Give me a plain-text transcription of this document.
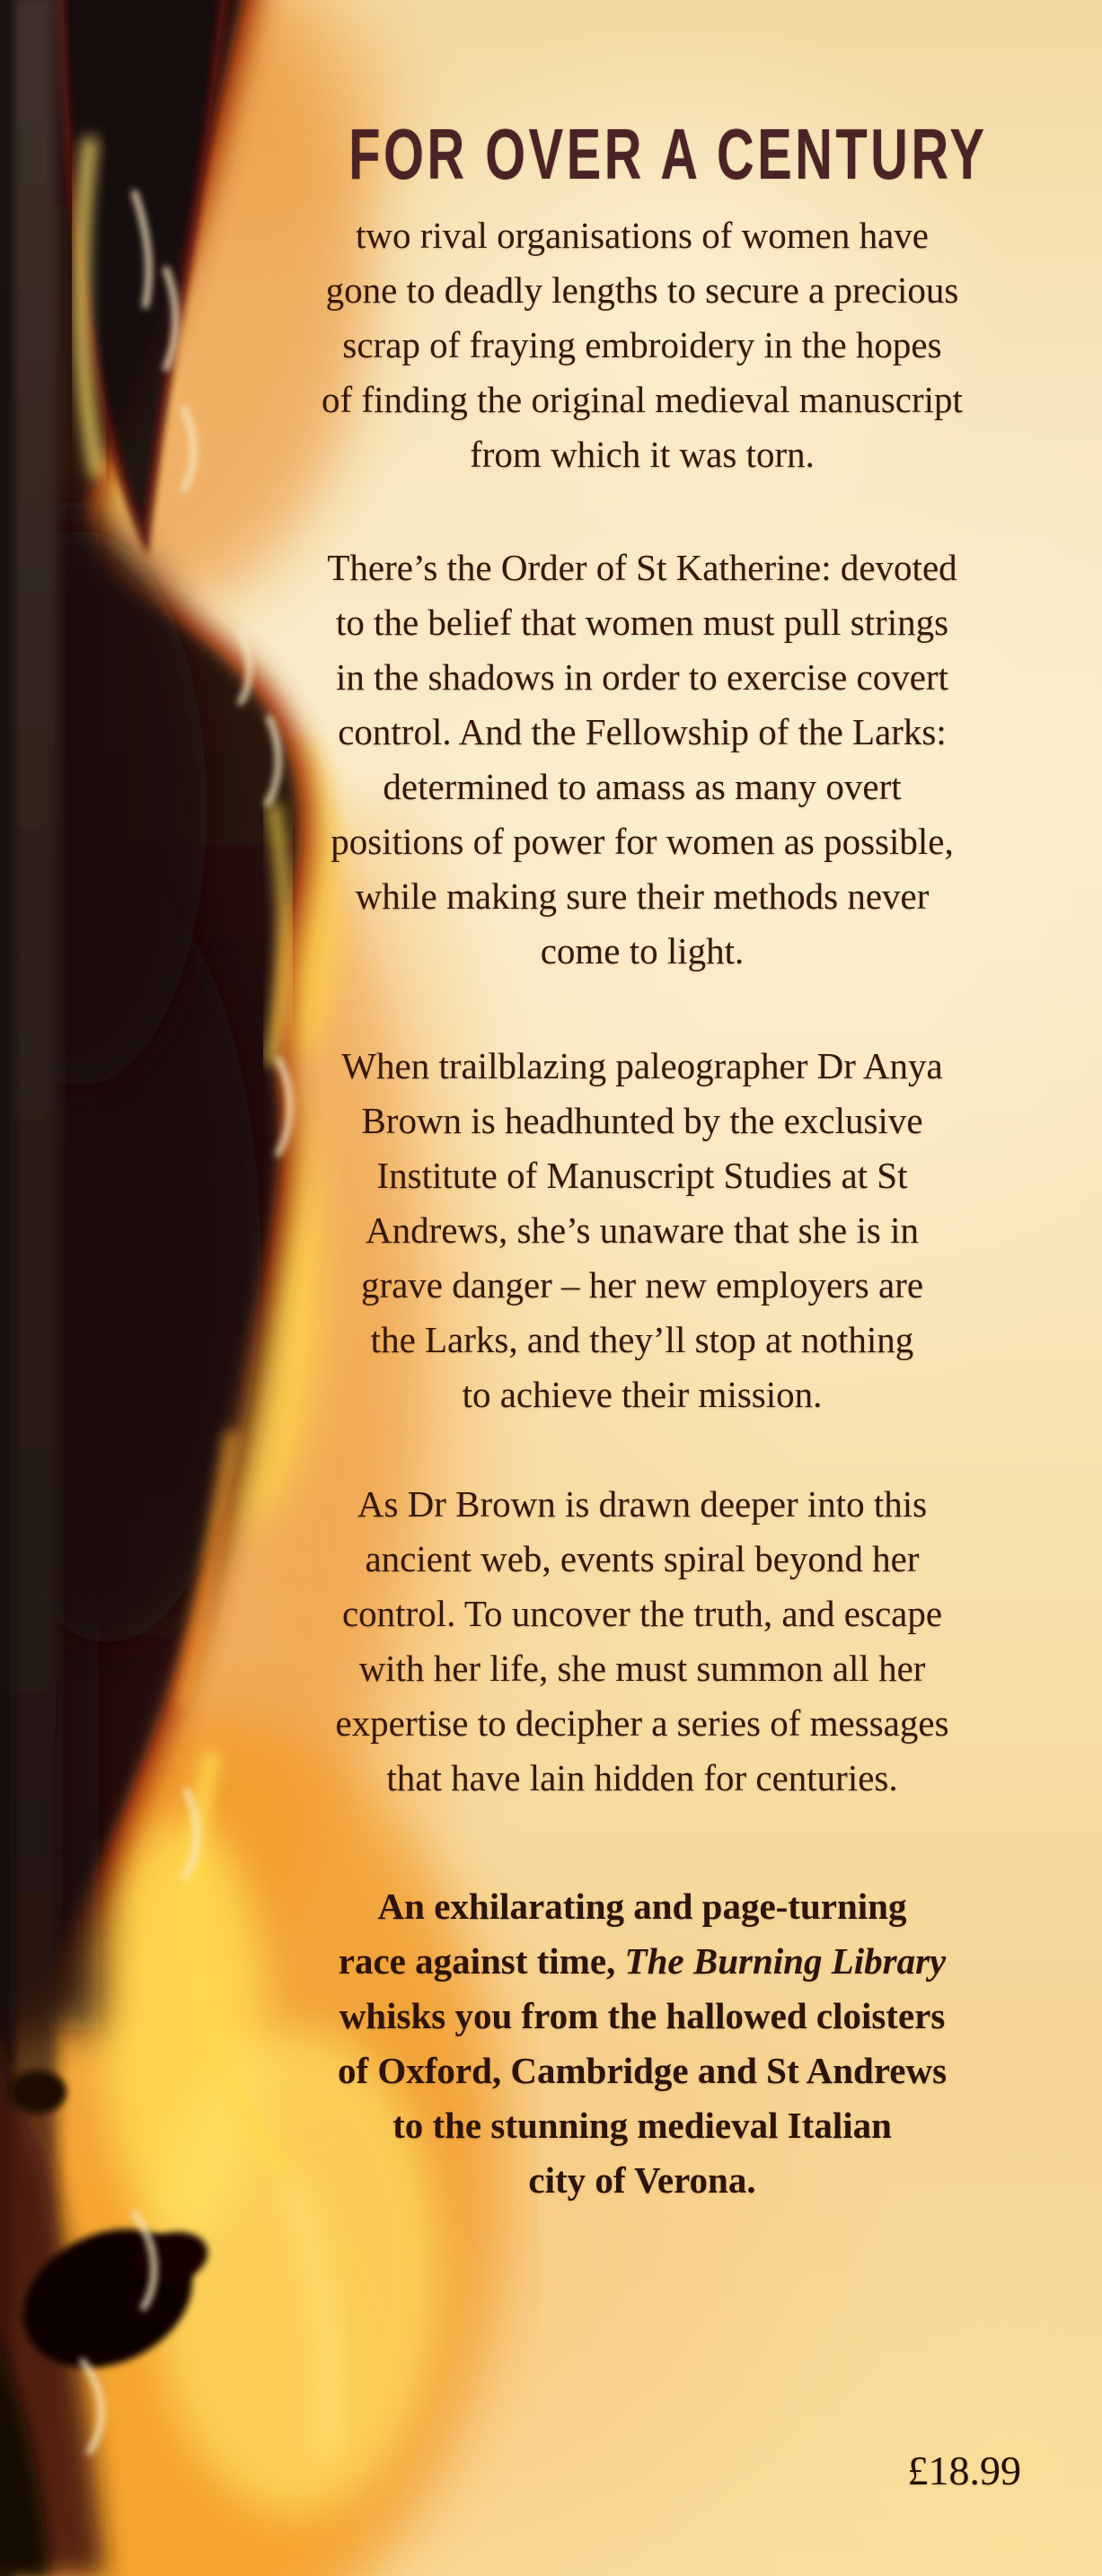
FOR OVER A CENTURY

two rival organisations of women have
gone to deadly lengths to secure a precious
scrap of fraying embroidery in the hopes
of finding the original medieval manuscript
from which it was torn.

There’s the Order of St Katherine: devoted
to the belief that women must pull strings
in the shadows in order to exercise covert
control. And the Fellowship of the Larks:
determined to amass as many overt
positions of power for women as possible,
while making sure their methods never
come to light.

When trailblazing paleographer Dr Anya
Brown is headhunted by the exclusive
Institute of Manuscript Studies at St
Andrews, she’s unaware that she is in
grave danger – her new employers are
the Larks, and they’ll stop at nothing
to achieve their mission.

As Dr Brown is drawn deeper into this
ancient web, events spiral beyond her
control. To uncover the truth, and escape
with her life, she must summon all her
expertise to decipher a series of messages
that have lain hidden for centuries.

An exhilarating and page-turning
race against time, The Burning Library
whisks you from the hallowed cloisters
of Oxford, Cambridge and St Andrews
to the stunning medieval Italian
city of Verona.

£18.99
